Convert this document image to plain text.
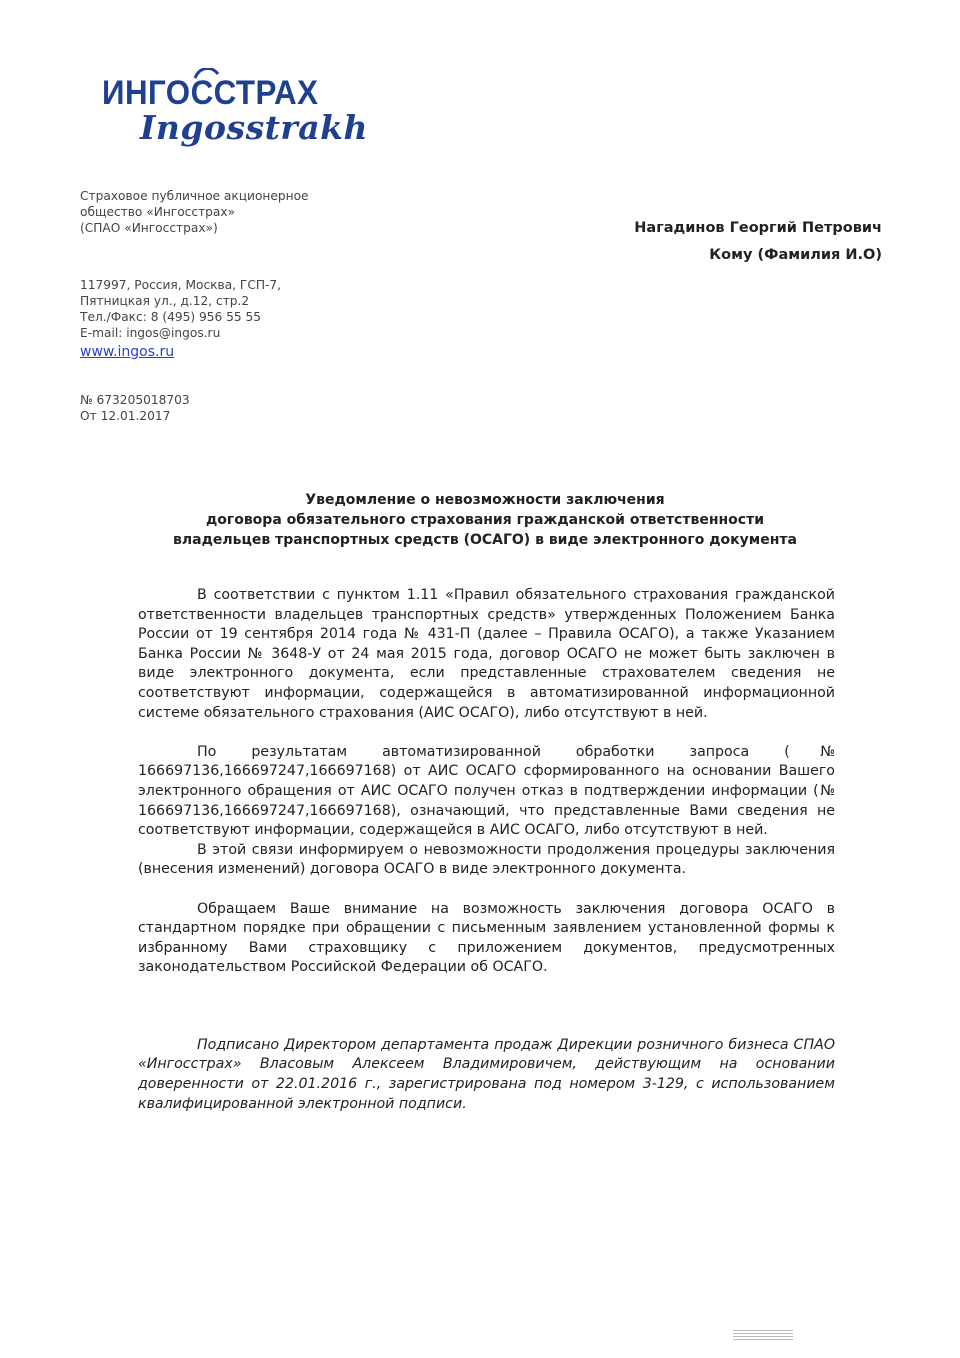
ИНГОССТРАХ
Ingosstrakh
Страховое публичное акционерное
общество «Ингосстрах»
(СПАО «Ингосстрах»)
117997, Россия, Москва, ГСП-7,
Пятницкая ул., д.12, стр.2
Тел./Факс: 8 (495) 956 55 55
E-mail: ingos@ingos.ru
www.ingos.ru
№ 673205018703
От 12.01.2017
Нагадинов Георгий Петрович
Кому (Фамилия И.О)
Уведомление о невозможности заключения
договора обязательного страхования гражданской ответственности
владельцев транспортных средств (ОСАГО) в виде электронного документа

В соответствии с пунктом 1.11 «Правил обязательного страхования гражданской ответственности владельцев транспортных средств» утвержденных Положением Банка России от 19 сентября 2014 года № 431-П (далее – Правила ОСАГО), а также Указанием Банка России № 3648-У от 24 мая 2015 года, договор ОСАГО не может быть заключен в виде электронного документа, если представленные страхователем сведения не соответствуют информации, содержащейся в автоматизированной информационной системе обязательного страхования (АИС ОСАГО), либо отсутствуют в ней.

По результатам автоматизированной обработки запроса (№ 166697136,166697247,166697168) от АИС ОСАГО сформированного на основании Вашего электронного обращения от АИС ОСАГО получен отказ в подтверждении информации (№ 166697136,166697247,166697168), означающий, что представленные Вами сведения не соответствуют информации, содержащейся в АИС ОСАГО, либо отсутствуют в ней.

В этой связи информируем о невозможности продолжения процедуры заключения (внесения изменений) договора ОСАГО в виде электронного документа.

Обращаем Ваше внимание на возможность заключения договора ОСАГО в стандартном порядке при обращении с письменным заявлением установленной формы к избранному Вами страховщику с приложением документов, предусмотренных законодательством Российской Федерации об ОСАГО.

Подписано Директором департамента продаж Дирекции розничного бизнеса СПАО «Ингосстрах» Власовым Алексеем Владимировичем, действующим на основании доверенности от 22.01.2016 г., зарегистрирована под номером 3-129, с использованием квалифицированной электронной подписи.
